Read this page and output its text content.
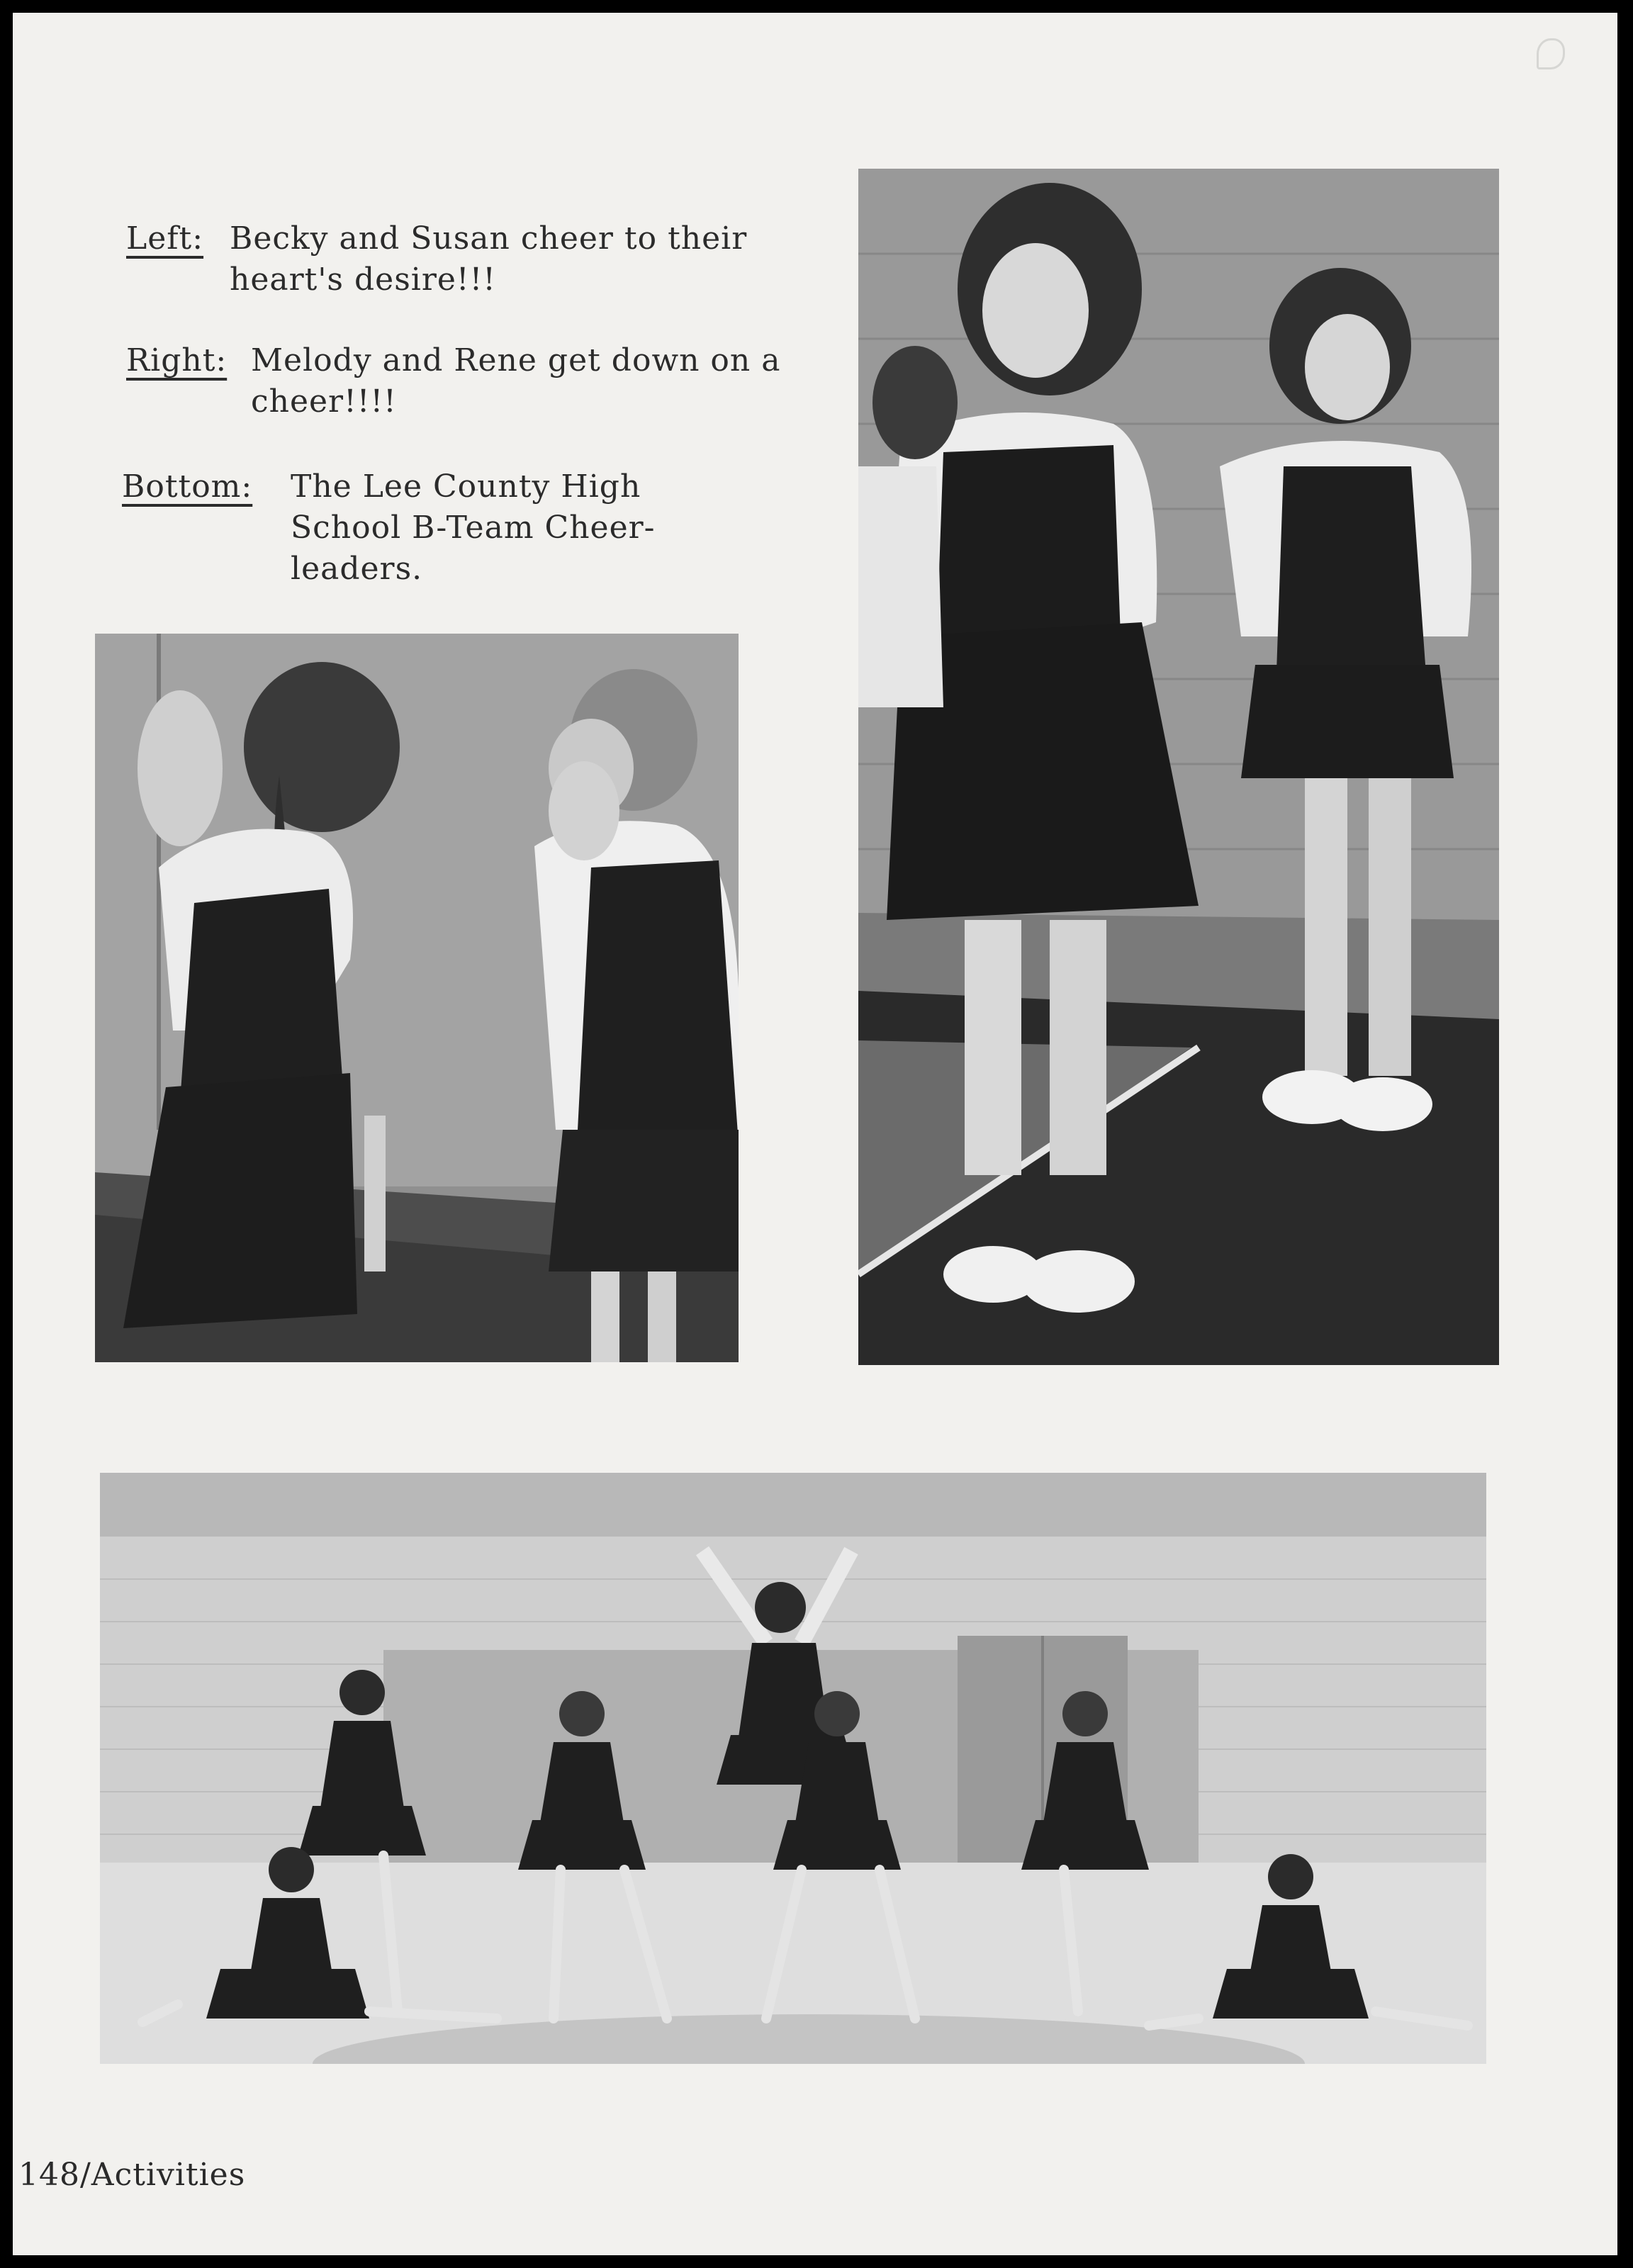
Left: Becky and Susan cheer to their heart's desire!!!
Right: Melody and Rene get down on a cheer!!!!
Bottom: The Lee County High School B-Team Cheer-leaders.
148/Activities
